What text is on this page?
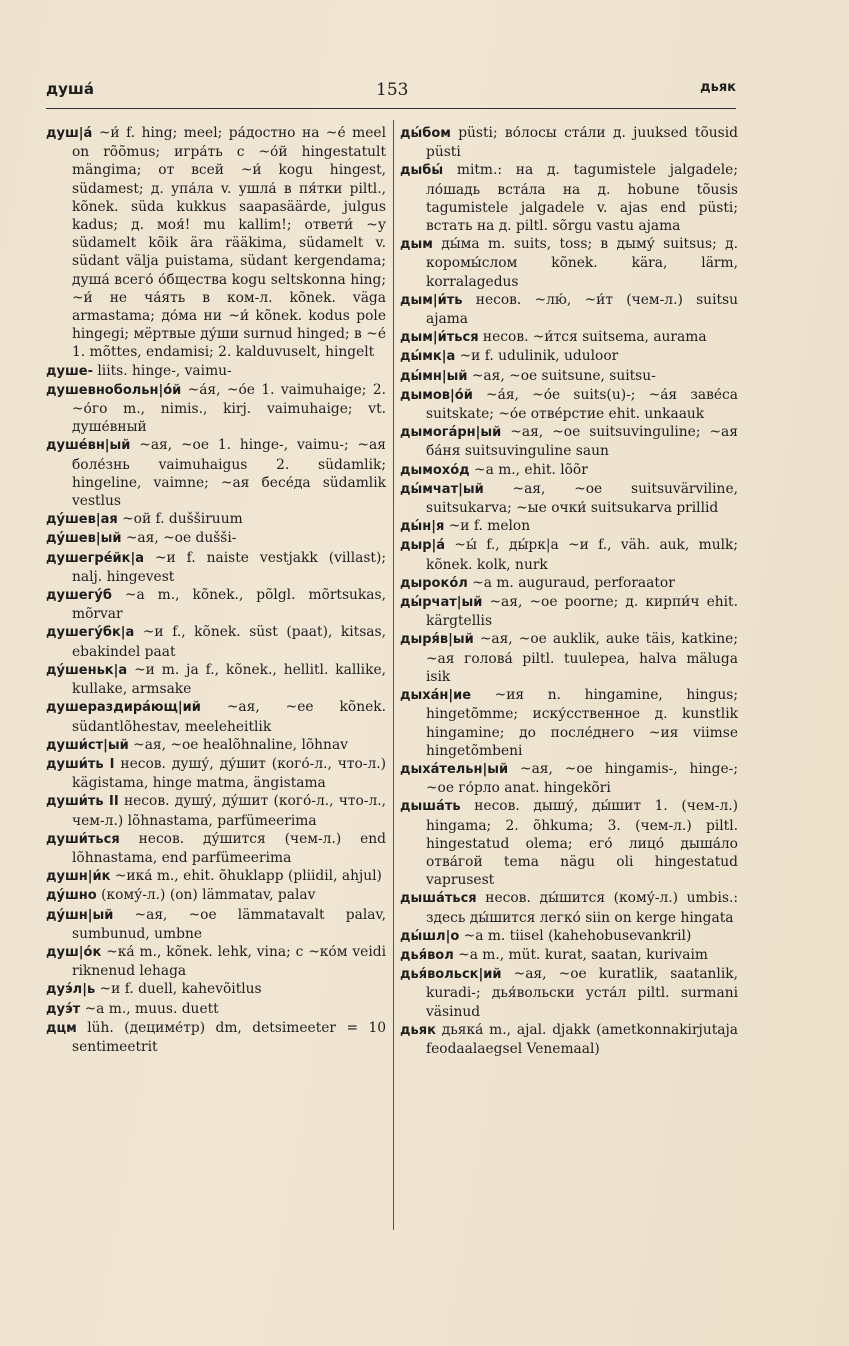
душа́	153	дьяк
душ|а́ ~и́ f. hing; meel; ра́достно на ~е́ meel on rõõmus; игра́ть с ~о́й hingestatult mängima; от всей ~и́ kogu hingest, südamest; д. упа́ла v. ушла́ в пя́тки piltl., kõnek. süda kukkus saapasäärde, julgus kadus; д. моя́! mu kallim!; ответи́ ~у südamelt kõik ära rääkima, südamelt v. südant välja puistama, südant kergendama; душа́ всего́ о́бщества kogu seltskonna hing; ~и́ не ча́ять в ком-л. kõnek. väga armastama; до́ма ни ~и́ kõnek. kodus pole hingegi; мёртвые ду́ши surnud hinged; в ~е́ 1. mõttes, endamisi; 2. kalduvuselt, hingelt
душе- liits. hinge-, vaimu-
душевнобольн|о́й ~а́я, ~о́е 1. vaimuhaige; 2. ~о́го m., nimis., kirj. vaimuhaige; vt. душе́вный
душе́вн|ый ~ая, ~ое 1. hinge-, vaimu-; ~ая боле́знь vaimuhaigus 2. südamlik; hingeline, vaimne; ~ая бесе́да südamlik vestlus
ду́шев|ая ~ой f. dušširuum
ду́шев|ый ~ая, ~ое dušši-
душегре́йк|а ~и f. naiste vestjakk (villast); nalj. hingevest
душегу́б ~а m., kõnek., põlgl. mõrtsukas, mõrvar
душегу́бк|а ~и f., kõnek. süst (paat), kitsas, ebakindel paat
ду́шеньк|а ~и m. ja f., kõnek., hellitl. kallike, kullake, armsake
душераздира́ющ|ий ~ая, ~ее kõnek. südantlõhestav, meeleheitlik
души́ст|ый ~ая, ~ое healõhnaline, lõhnav
души́ть I несов. душу́, ду́шит (кого́-л., что-л.) kägistama, hinge matma, ängistama
души́ть II несов. душу́, ду́шит (кого́-л., что-л., чем-л.) lõhnastama, parfümeerima
души́ться несов. ду́шится (чем-л.) end lõhnastama, end parfümeerima
душн|и́к ~ика́ m., ehit. õhuklapp (pliidil, ahjul)
ду́шно (кому́-л.) (on) lämmatav, palav
ду́шн|ый ~ая, ~ое lämmatavalt palav, sumbunud, umbne
душ|о́к ~ка́ m., kõnek. lehk, vina; с ~ко́м veidi riknenud lehaga
дуэ́л|ь ~и f. duell, kahevõitlus
дуэ́т ~а m., muus. duett
дцм lüh. (дециме́тр) dm, detsimeeter = 10 sentimeetrit
ды́бом püsti; во́лосы ста́ли д. juuksed tõusid püsti
дыбы́ mitm.: на д. tagumistele jalgadele; ло́шадь вста́ла на д. hobune tõusis tagumistele jalgadele v. ajas end püsti; встать на д. piltl. sõrgu vastu ajama
дым ды́ма m. suits, toss; в дыму́ suitsus; д. коромы́слом kõnek. kära, lärm, korralagedus
дым|и́ть несов. ~лю́, ~и́т (чем-л.) suitsu ajama
дым|и́ться несов. ~и́тся suitsema, aurama
ды́мк|а ~и f. udulinik, uduloor
ды́мн|ый ~ая, ~ое suitsune, suitsu-
дымов|о́й ~а́я, ~о́е suits(u)-; ~а́я заве́са suitskate; ~о́е отве́рстие ehit. unkaauk
дымога́рн|ый ~ая, ~ое suitsuvinguline; ~ая ба́ня suitsuvinguline saun
дымохо́д ~а m., ehit. lõõr
ды́мчат|ый ~ая, ~ое suitsuvärviline, suitsukarva; ~ые очки́ suitsukarva prillid
ды́н|я ~и f. melon
дыр|а́ ~ы́ f., ды́рк|а ~и f., väh. auk, mulk; kõnek. kolk, nurk
дыроко́л ~а m. auguraud, perforaator
ды́рчат|ый ~ая, ~ое poorne; д. кирпи́ч ehit. kärgtellis
дыря́в|ый ~ая, ~ое auklik, auke täis, katkine; ~ая голова́ piltl. tuulepea, halva mäluga isik
дыха́н|ие ~ия n. hingamine, hingus; hingetõmme; иску́сственное д. kunstlik hingamine; до после́днего ~ия viimse hingetõmbeni
дыха́тельн|ый ~ая, ~ое hingamis-, hinge-; ~ое го́рло anat. hingekõri
дыша́ть несов. дышу́, ды́шит 1. (чем-л.) hingama; 2. õhkuma; 3. (чем-л.) piltl. hingestatud olema; его́ лицо́ дыша́ло отва́гой tema nägu oli hingestatud vaprusest
дыша́ться несов. ды́шится (кому́-л.) umbis.: здесь ды́шится легко́ siin on kerge hingata
ды́шл|о ~а m. tiisel (kahehobusevankril)
дья́вол ~а m., müt. kurat, saatan, kurivaim
дья́вольск|ий ~ая, ~ое kuratlik, saatanlik, kuradi-; дья́вольски уста́л piltl. surmani väsinud
дьяк дьяка́ m., ajal. djakk (ametkonnakirjutaja feodaalaegsel Venemaal)
